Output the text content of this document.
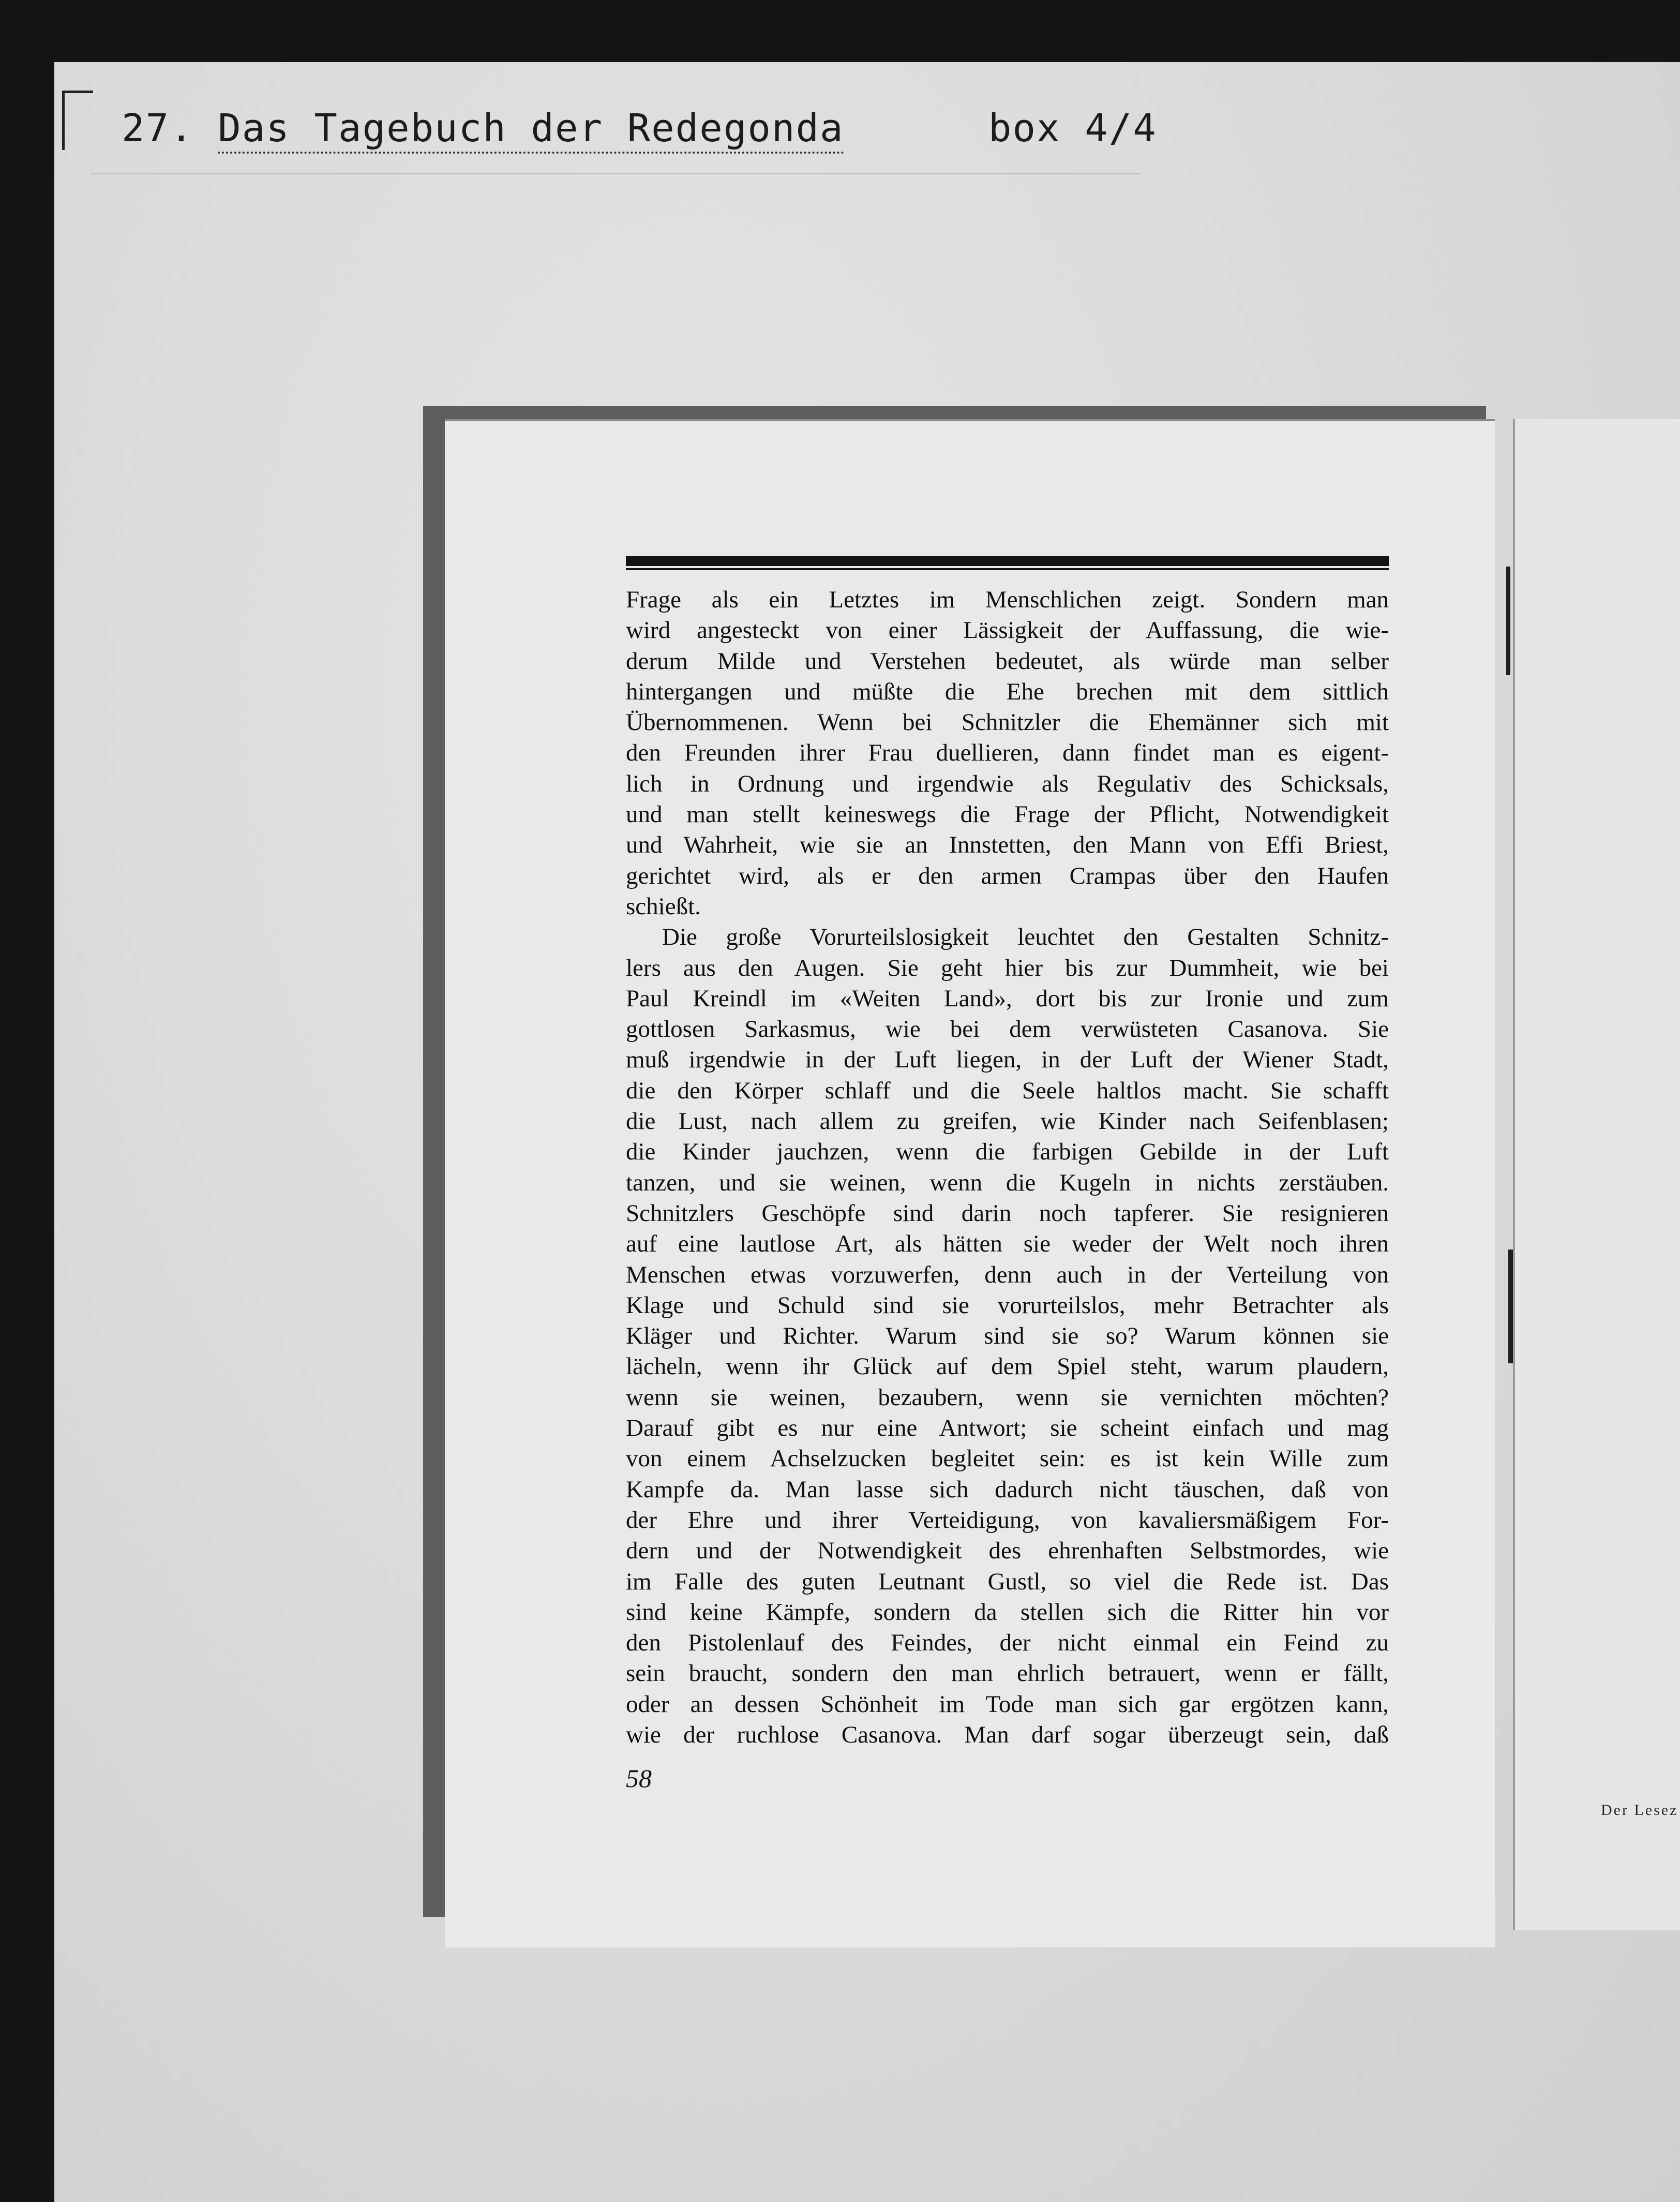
27. Das Tagebuch der Redegonda	box 4/4
Der Lesez
Frage als ein Letztes im Menschlichen zeigt. Sondern man
wird angesteckt von einer Lässigkeit der Auffassung, die wie-
derum Milde und Verstehen bedeutet, als würde man selber
hintergangen und müßte die Ehe brechen mit dem sittlich
Übernommenen. Wenn bei Schnitzler die Ehemänner sich mit
den Freunden ihrer Frau duellieren, dann findet man es eigent-
lich in Ordnung und irgendwie als Regulativ des Schicksals,
und man stellt keineswegs die Frage der Pflicht, Notwendigkeit
und Wahrheit, wie sie an Innstetten, den Mann von Effi Briest,
gerichtet wird, als er den armen Crampas über den Haufen
schießt.
Die große Vorurteilslosigkeit leuchtet den Gestalten Schnitz-
lers aus den Augen. Sie geht hier bis zur Dummheit, wie bei
Paul Kreindl im «Weiten Land», dort bis zur Ironie und zum
gottlosen Sarkasmus, wie bei dem verwüsteten Casanova. Sie
muß irgendwie in der Luft liegen, in der Luft der Wiener Stadt,
die den Körper schlaff und die Seele haltlos macht. Sie schafft
die Lust, nach allem zu greifen, wie Kinder nach Seifenblasen;
die Kinder jauchzen, wenn die farbigen Gebilde in der Luft
tanzen, und sie weinen, wenn die Kugeln in nichts zerstäuben.
Schnitzlers Geschöpfe sind darin noch tapferer. Sie resignieren
auf eine lautlose Art, als hätten sie weder der Welt noch ihren
Menschen etwas vorzuwerfen, denn auch in der Verteilung von
Klage und Schuld sind sie vorurteilslos, mehr Betrachter als
Kläger und Richter. Warum sind sie so? Warum können sie
lächeln, wenn ihr Glück auf dem Spiel steht, warum plaudern,
wenn sie weinen, bezaubern, wenn sie vernichten möchten?
Darauf gibt es nur eine Antwort; sie scheint einfach und mag
von einem Achselzucken begleitet sein: es ist kein Wille zum
Kampfe da. Man lasse sich dadurch nicht täuschen, daß von
der Ehre und ihrer Verteidigung, von kavaliersmäßigem For-
dern und der Notwendigkeit des ehrenhaften Selbstmordes, wie
im Falle des guten Leutnant Gustl, so viel die Rede ist. Das
sind keine Kämpfe, sondern da stellen sich die Ritter hin vor
den Pistolenlauf des Feindes, der nicht einmal ein Feind zu
sein braucht, sondern den man ehrlich betrauert, wenn er fällt,
oder an dessen Schönheit im Tode man sich gar ergötzen kann,
wie der ruchlose Casanova. Man darf sogar überzeugt sein, daß
58
